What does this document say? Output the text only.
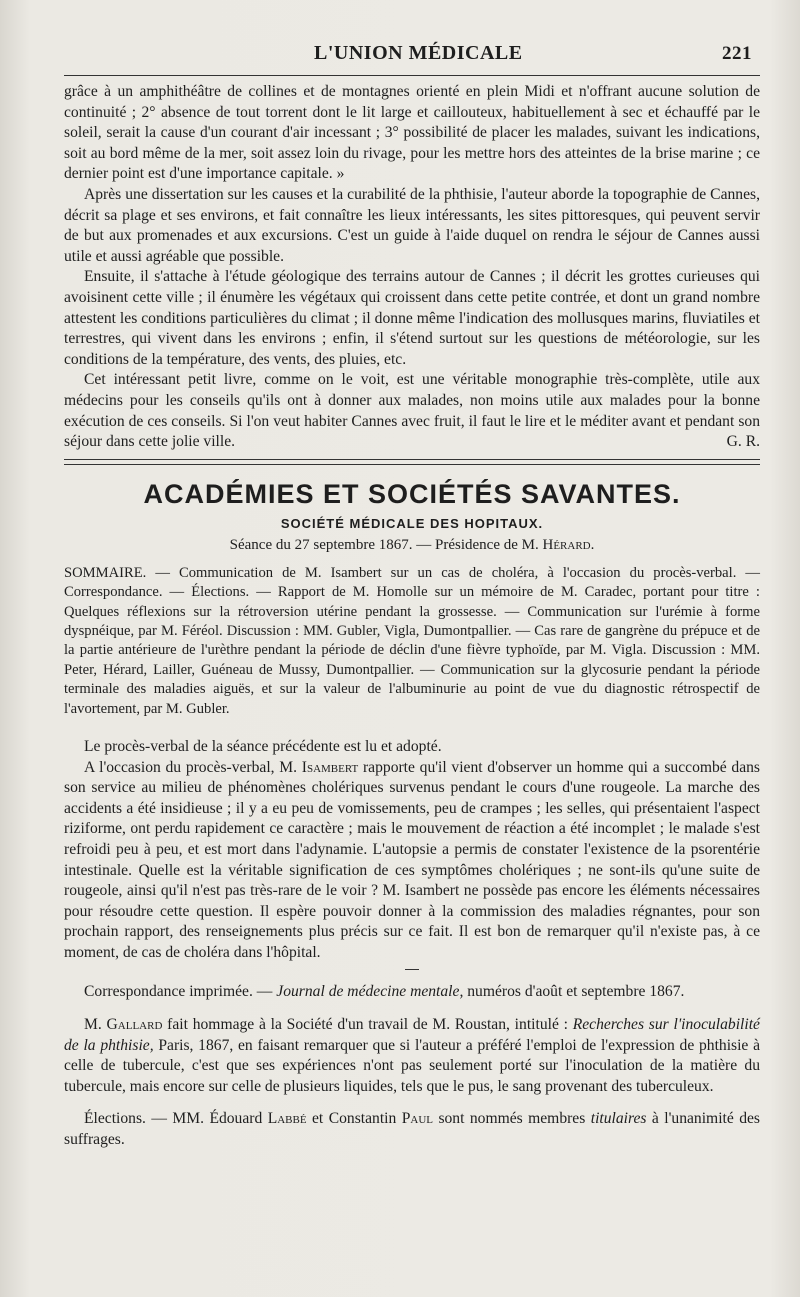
L'UNION MÉDICALE	221

grâce à un amphithéâtre de collines et de montagnes orienté en plein Midi et n'offrant aucune solution de continuité ; 2° absence de tout torrent dont le lit large et caillouteux, habituellement à sec et échauffé par le soleil, serait la cause d'un courant d'air incessant ; 3° possibilité de placer les malades, suivant les indications, soit au bord même de la mer, soit assez loin du rivage, pour les mettre hors des atteintes de la brise marine ; ce dernier point est d'une importance capitale. »

Après une dissertation sur les causes et la curabilité de la phthisie, l'auteur aborde la topographie de Cannes, décrit sa plage et ses environs, et fait connaître les lieux intéressants, les sites pittoresques, qui peuvent servir de but aux promenades et aux excursions. C'est un guide à l'aide duquel on rendra le séjour de Cannes aussi utile et aussi agréable que possible.

Ensuite, il s'attache à l'étude géologique des terrains autour de Cannes ; il décrit les grottes curieuses qui avoisinent cette ville ; il énumère les végétaux qui croissent dans cette petite contrée, et dont un grand nombre attestent les conditions particulières du climat ; il donne même l'indication des mollusques marins, fluviatiles et terrestres, qui vivent dans les environs ; enfin, il s'étend surtout sur les questions de météorologie, sur les conditions de la température, des vents, des pluies, etc.

Cet intéressant petit livre, comme on le voit, est une véritable monographie très-complète, utile aux médecins pour les conseils qu'ils ont à donner aux malades, non moins utile aux malades pour la bonne exécution de ces conseils. Si l'on veut habiter Cannes avec fruit, il faut le lire et le méditer avant et pendant son séjour dans cette jolie ville.	G. R.

ACADÉMIES ET SOCIÉTÉS SAVANTES.
SOCIÉTÉ MÉDICALE DES HOPITAUX.
Séance du 27 septembre 1867. — Présidence de M. Hérard.

SOMMAIRE. — Communication de M. Isambert sur un cas de choléra, à l'occasion du procès-verbal. — Correspondance. — Élections. — Rapport de M. Homolle sur un mémoire de M. Caradec, portant pour titre : Quelques réflexions sur la rétroversion utérine pendant la grossesse. — Communication sur l'urémie à forme dyspnéique, par M. Féréol. Discussion : MM. Gubler, Vigla, Dumontpallier. — Cas rare de gangrène du prépuce et de la partie antérieure de l'urèthre pendant la période de déclin d'une fièvre typhoïde, par M. Vigla. Discussion : MM. Peter, Hérard, Lailler, Guéneau de Mussy, Dumontpallier. — Communication sur la glycosurie pendant la période terminale des maladies aiguës, et sur la valeur de l'albuminurie au point de vue du diagnostic rétrospectif de l'avortement, par M. Gubler.

Le procès-verbal de la séance précédente est lu et adopté.

A l'occasion du procès-verbal, M. Isambert rapporte qu'il vient d'observer un homme qui a succombé dans son service au milieu de phénomènes cholériques survenus pendant le cours d'une rougeole. La marche des accidents a été insidieuse ; il y a eu peu de vomissements, peu de crampes ; les selles, qui présentaient l'aspect riziforme, ont perdu rapidement ce caractère ; mais le mouvement de réaction a été incomplet ; le malade s'est refroidi peu à peu, et est mort dans l'adynamie. L'autopsie a permis de constater l'existence de la psorentérie intestinale. Quelle est la véritable signification de ces symptômes cholériques ; ne sont-ils qu'une suite de rougeole, ainsi qu'il n'est pas très-rare de le voir ? M. Isambert ne possède pas encore les éléments nécessaires pour résoudre cette question. Il espère pouvoir donner à la commission des maladies régnantes, pour son prochain rapport, des renseignements plus précis sur ce fait. Il est bon de remarquer qu'il n'existe pas, à ce moment, de cas de choléra dans l'hôpital.

Correspondance imprimée. — Journal de médecine mentale, numéros d'août et septembre 1867.

M. Gallard fait hommage à la Société d'un travail de M. Roustan, intitulé : Recherches sur l'inoculabilité de la phthisie, Paris, 1867, en faisant remarquer que si l'auteur a préféré l'emploi de l'expression de phthisie à celle de tubercule, c'est que ses expériences n'ont pas seulement porté sur l'inoculation de la matière du tubercule, mais encore sur celle de plusieurs liquides, tels que le pus, le sang provenant des tuberculeux.

Élections. — MM. Édouard Labbé et Constantin Paul sont nommés membres titulaires à l'unanimité des suffrages.
